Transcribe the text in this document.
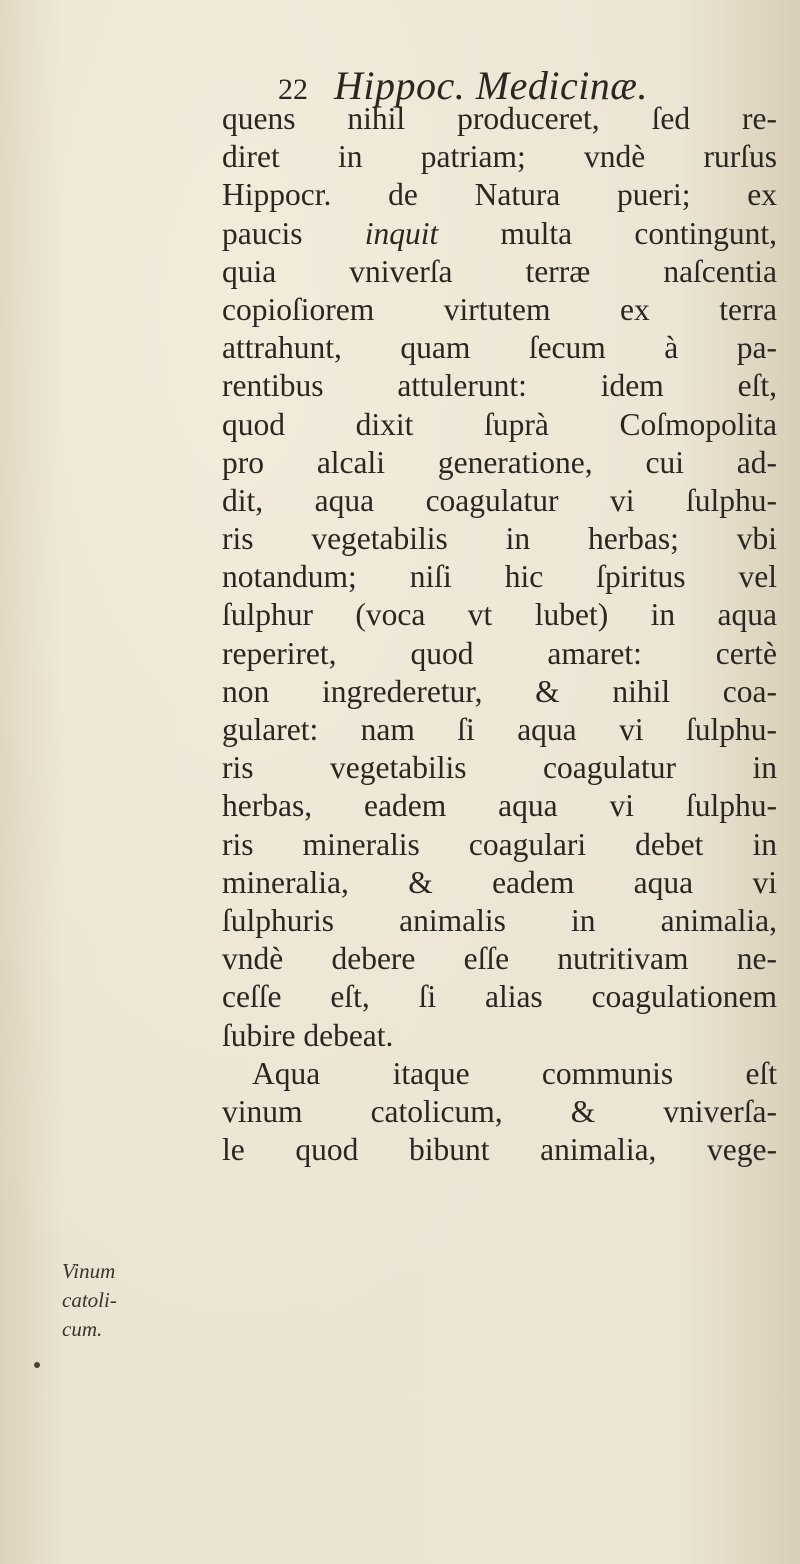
22 Hippoc. Medicinæ.
quens nihil produceret, ſed re-
diret in patriam; vndè rurſus
Hippocr. de Natura pueri; ex
paucis inquit multa contingunt,
quia vniverſa terræ naſcentia
copioſiorem virtutem ex terra
attrahunt, quam ſecum à pa-
rentibus attulerunt: idem eſt,
quod dixit ſuprà Coſmopolita
pro alcali generatione, cui ad-
dit, aqua coagulatur vi ſulphu-
ris vegetabilis in herbas; vbi
notandum; niſi hic ſpiritus vel
ſulphur (voca vt lubet) in aqua
reperiret, quod amaret: certè
non ingrederetur, & nihil coa-
gularet: nam ſi aqua vi ſulphu-
ris vegetabilis coagulatur in
herbas, eadem aqua vi ſulphu-
ris mineralis coagulari debet in
mineralia, & eadem aqua vi
ſulphuris animalis in animalia,
vndè debere eſſe nutritivam ne-
ceſſe eſt, ſi alias coagulationem
ſubire debeat.
Aqua itaque communis eſt
vinum catolicum, & vniverſa-
le quod bibunt animalia, vege-
Vinum
catoli-
cum.
